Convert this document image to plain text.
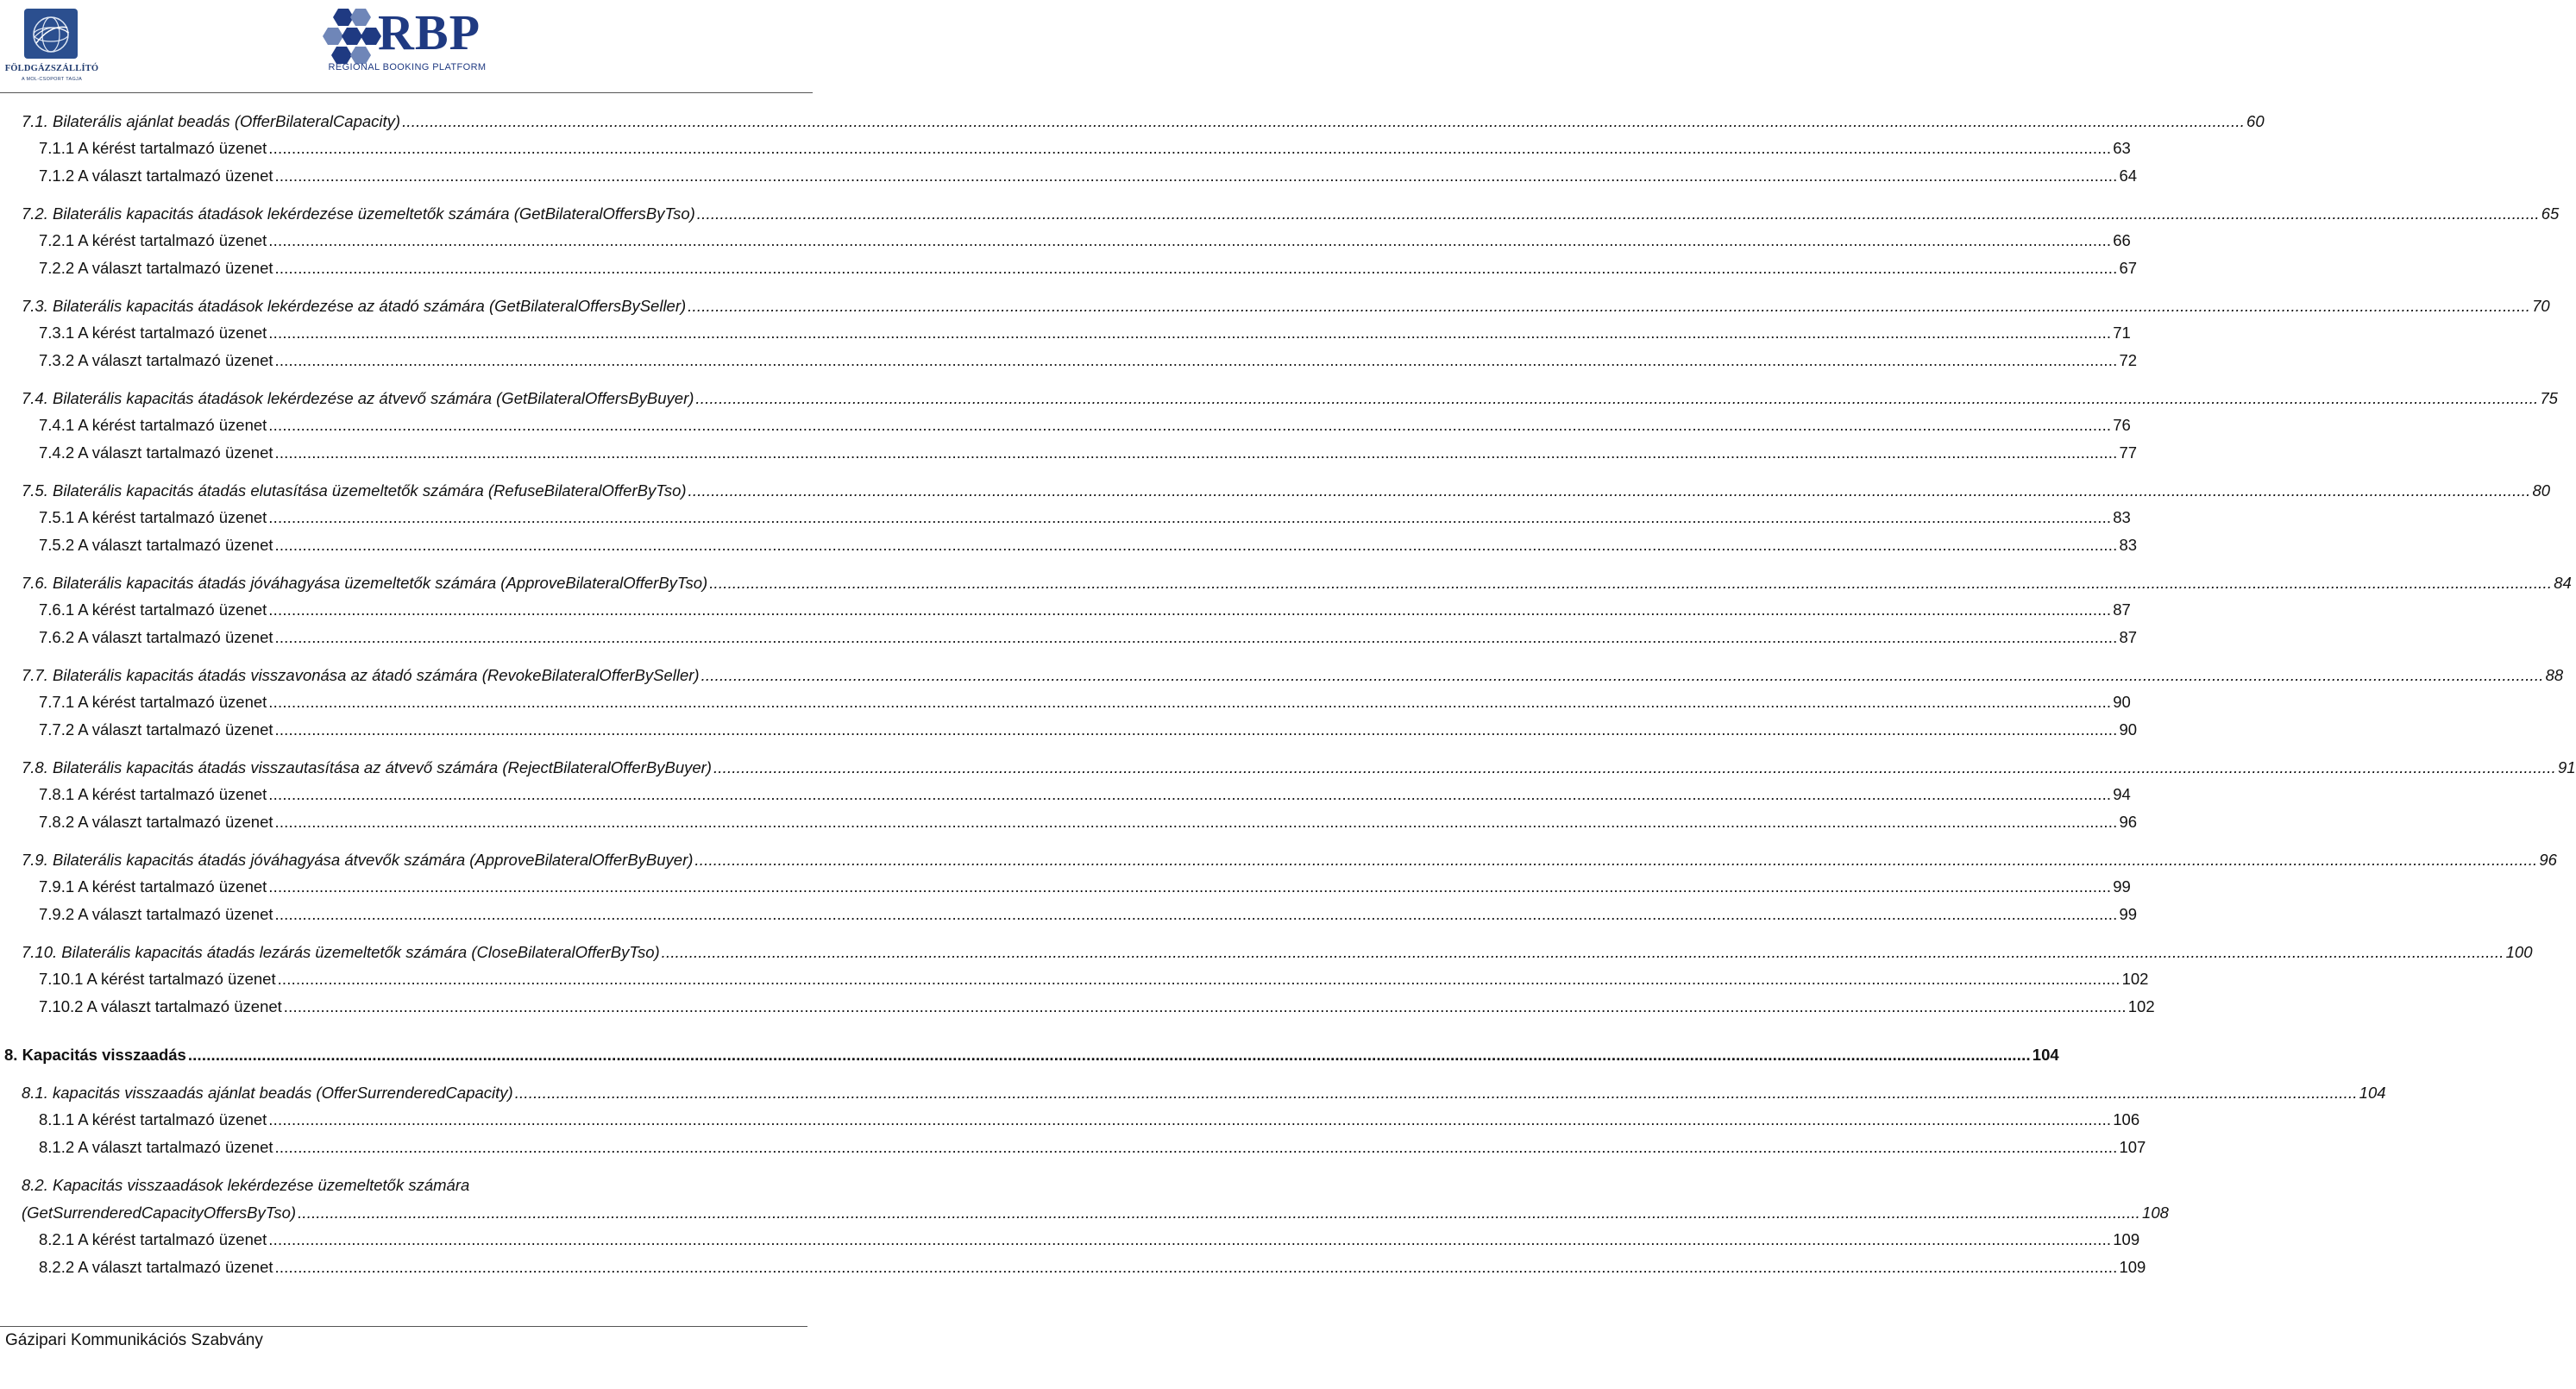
FÖLDGÁZSZÁLLÍTÓ
A MOL-CSOPORT TAGJA
RBP
REGIONAL BOOKING PLATFORM
7.1. Bilaterális ajánlat beadás (OfferBilateralCapacity) ................................................................................................................................................................................................................................................................................................................................................................................................................ 60
7.1.1 A kérést tartalmazó üzenet ................................................................................................................................................................................................................................................................................................................................................................................................................ 63
7.1.2 A választ tartalmazó üzenet ................................................................................................................................................................................................................................................................................................................................................................................................................ 64
7.2. Bilaterális kapacitás átadások lekérdezése üzemeltetők számára (GetBilateralOffersByTso) ................................................................................................................................................................................................................................................................................................................................................................................................................ 65
7.2.1 A kérést tartalmazó üzenet ................................................................................................................................................................................................................................................................................................................................................................................................................ 66
7.2.2 A választ tartalmazó üzenet ................................................................................................................................................................................................................................................................................................................................................................................................................ 67
7.3. Bilaterális kapacitás átadások lekérdezése az átadó számára (GetBilateralOffersBySeller) ................................................................................................................................................................................................................................................................................................................................................................................................................ 70
7.3.1 A kérést tartalmazó üzenet ................................................................................................................................................................................................................................................................................................................................................................................................................ 71
7.3.2 A választ tartalmazó üzenet ................................................................................................................................................................................................................................................................................................................................................................................................................ 72
7.4. Bilaterális kapacitás átadások lekérdezése az átvevő számára (GetBilateralOffersByBuyer) ................................................................................................................................................................................................................................................................................................................................................................................................................ 75
7.4.1 A kérést tartalmazó üzenet ................................................................................................................................................................................................................................................................................................................................................................................................................ 76
7.4.2 A választ tartalmazó üzenet ................................................................................................................................................................................................................................................................................................................................................................................................................ 77
7.5. Bilaterális kapacitás átadás elutasítása üzemeltetők számára (RefuseBilateralOfferByTso) ................................................................................................................................................................................................................................................................................................................................................................................................................ 80
7.5.1 A kérést tartalmazó üzenet ................................................................................................................................................................................................................................................................................................................................................................................................................ 83
7.5.2 A választ tartalmazó üzenet ................................................................................................................................................................................................................................................................................................................................................................................................................ 83
7.6. Bilaterális kapacitás átadás jóváhagyása üzemeltetők számára (ApproveBilateralOfferByTso) ................................................................................................................................................................................................................................................................................................................................................................................................................ 84
7.6.1 A kérést tartalmazó üzenet ................................................................................................................................................................................................................................................................................................................................................................................................................ 87
7.6.2 A választ tartalmazó üzenet ................................................................................................................................................................................................................................................................................................................................................................................................................ 87
7.7. Bilaterális kapacitás átadás visszavonása az átadó számára (RevokeBilateralOfferBySeller) ................................................................................................................................................................................................................................................................................................................................................................................................................ 88
7.7.1 A kérést tartalmazó üzenet ................................................................................................................................................................................................................................................................................................................................................................................................................ 90
7.7.2 A választ tartalmazó üzenet ................................................................................................................................................................................................................................................................................................................................................................................................................ 90
7.8. Bilaterális kapacitás átadás visszautasítása az átvevő számára (RejectBilateralOfferByBuyer) ................................................................................................................................................................................................................................................................................................................................................................................................................ 91
7.8.1 A kérést tartalmazó üzenet ................................................................................................................................................................................................................................................................................................................................................................................................................ 94
7.8.2 A választ tartalmazó üzenet ................................................................................................................................................................................................................................................................................................................................................................................................................ 96
7.9. Bilaterális kapacitás átadás jóváhagyása átvevők számára (ApproveBilateralOfferByBuyer) ................................................................................................................................................................................................................................................................................................................................................................................................................ 96
7.9.1 A kérést tartalmazó üzenet ................................................................................................................................................................................................................................................................................................................................................................................................................ 99
7.9.2 A választ tartalmazó üzenet ................................................................................................................................................................................................................................................................................................................................................................................................................ 99
7.10. Bilaterális kapacitás átadás lezárás üzemeltetők számára (CloseBilateralOfferByTso) ................................................................................................................................................................................................................................................................................................................................................................................................................ 100
7.10.1 A kérést tartalmazó üzenet ................................................................................................................................................................................................................................................................................................................................................................................................................ 102
7.10.2 A választ tartalmazó üzenet ................................................................................................................................................................................................................................................................................................................................................................................................................ 102
8. Kapacitás visszaadás ................................................................................................................................................................................................................................................................................................................................................................................................................ 104
8.1. kapacitás visszaadás ajánlat beadás (OfferSurrenderedCapacity) ................................................................................................................................................................................................................................................................................................................................................................................................................ 104
8.1.1 A kérést tartalmazó üzenet ................................................................................................................................................................................................................................................................................................................................................................................................................ 106
8.1.2 A választ tartalmazó üzenet ................................................................................................................................................................................................................................................................................................................................................................................................................ 107
8.2. Kapacitás visszaadások lekérdezése üzemeltetők számára
(GetSurrenderedCapacityOffersByTso) ................................................................................................................................................................................................................................................................................................................................................................................................................ 108
8.2.1 A kérést tartalmazó üzenet ................................................................................................................................................................................................................................................................................................................................................................................................................ 109
8.2.2 A választ tartalmazó üzenet ................................................................................................................................................................................................................................................................................................................................................................................................................ 109
Gázipari Kommunikációs Szabvány
